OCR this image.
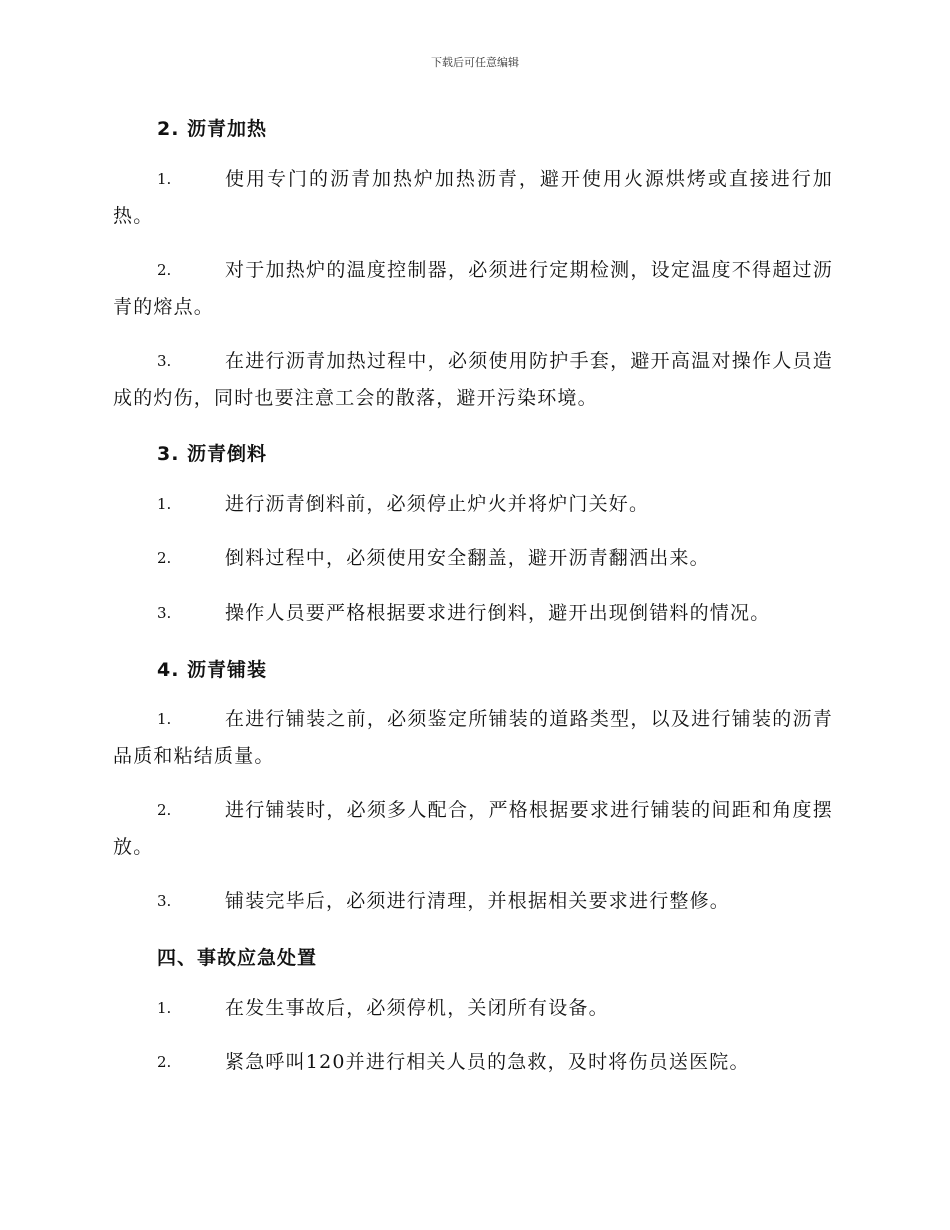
下载后可任意编辑
2. 沥青加热
1.	使用专门的沥青加热炉加热沥青，避开使用火源烘烤或直接进行加热。
2.	对于加热炉的温度控制器，必须进行定期检测，设定温度不得超过沥青的熔点。
3.	在进行沥青加热过程中，必须使用防护手套，避开高温对操作人员造成的灼伤，同时也要注意工会的散落，避开污染环境。
3. 沥青倒料
1.	进行沥青倒料前，必须停止炉火并将炉门关好。
2.	倒料过程中，必须使用安全翻盖，避开沥青翻洒出来。
3.	操作人员要严格根据要求进行倒料，避开出现倒错料的情况。
4. 沥青铺装
1.	在进行铺装之前，必须鉴定所铺装的道路类型，以及进行铺装的沥青品质和粘结质量。
2.	进行铺装时，必须多人配合，严格根据要求进行铺装的间距和角度摆放。
3.	铺装完毕后，必须进行清理，并根据相关要求进行整修。
四、事故应急处置
1.	在发生事故后，必须停机，关闭所有设备。
2.	紧急呼叫120并进行相关人员的急救，及时将伤员送医院。
